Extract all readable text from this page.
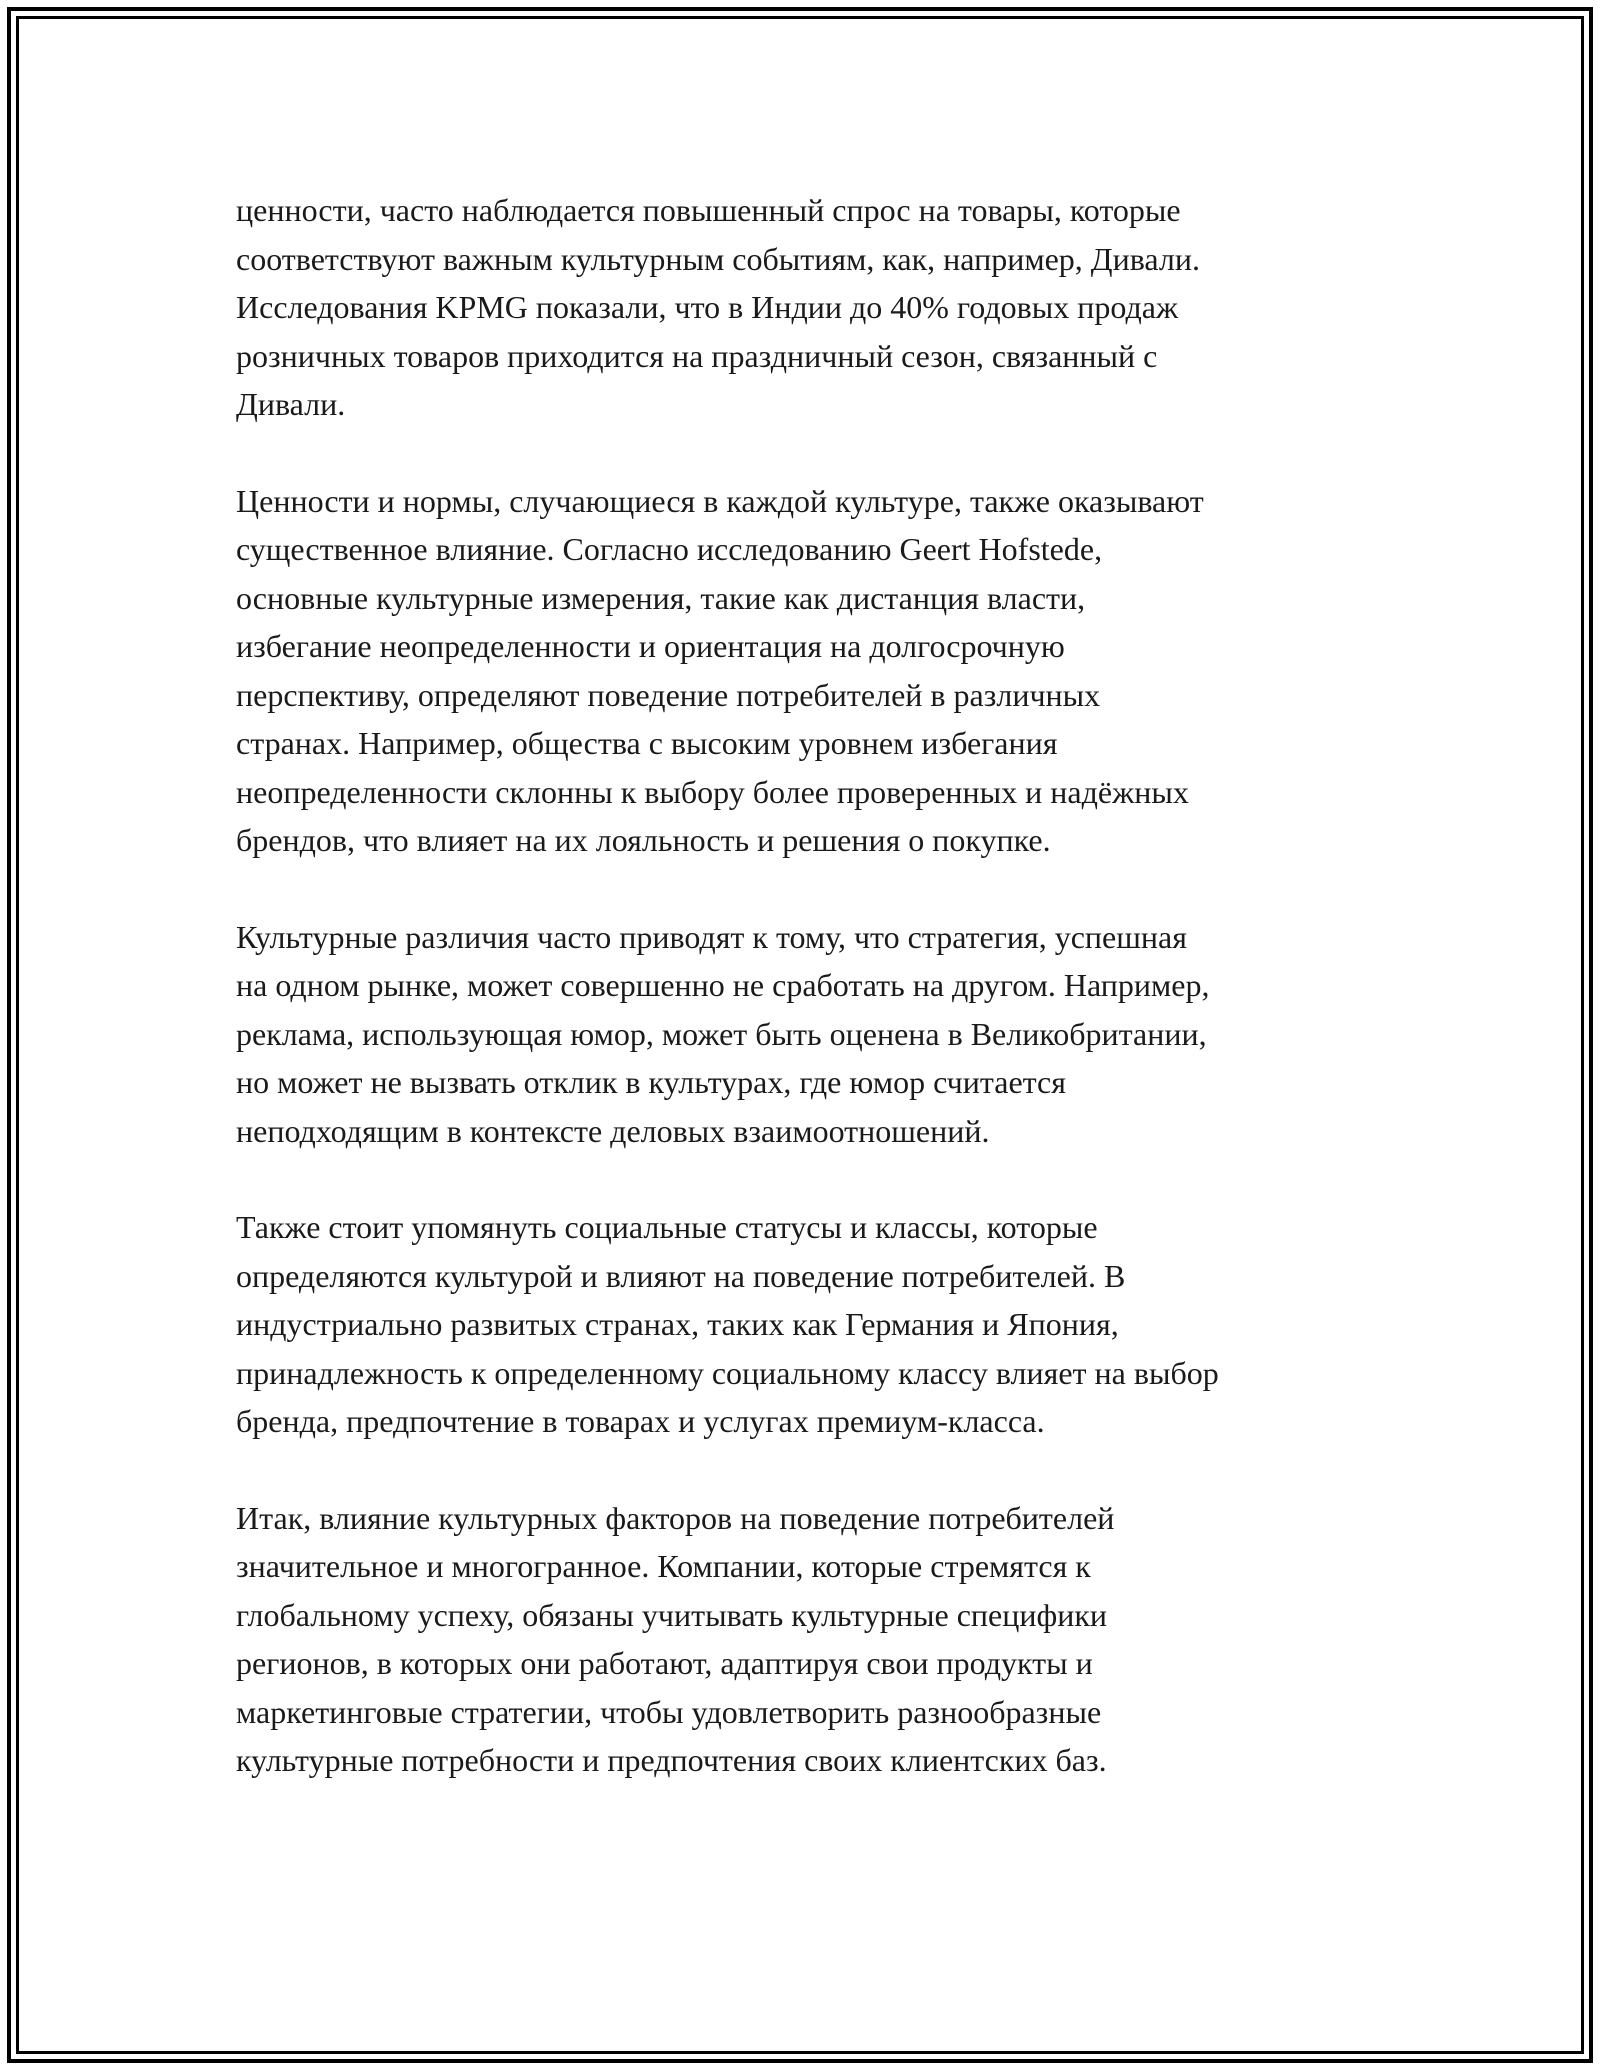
ценности, часто наблюдается повышенный спрос на товары, которые
соответствуют важным культурным событиям, как, например, Дивали.
Исследования KPMG показали, что в Индии до 40% годовых продаж
розничных товаров приходится на праздничный сезон, связанный с
Дивали.

Ценности и нормы, случающиеся в каждой культуре, также оказывают
существенное влияние. Согласно исследованию Geert Hofstede,
основные культурные измерения, такие как дистанция власти,
избегание неопределенности и ориентация на долгосрочную
перспективу, определяют поведение потребителей в различных
странах. Например, общества с высоким уровнем избегания
неопределенности склонны к выбору более проверенных и надёжных
брендов, что влияет на их лояльность и решения о покупке.

Культурные различия часто приводят к тому, что стратегия, успешная
на одном рынке, может совершенно не сработать на другом. Например,
реклама, использующая юмор, может быть оценена в Великобритании,
но может не вызвать отклик в культурах, где юмор считается
неподходящим в контексте деловых взаимоотношений.

Также стоит упомянуть социальные статусы и классы, которые
определяются культурой и влияют на поведение потребителей. В
индустриально развитых странах, таких как Германия и Япония,
принадлежность к определенному социальному классу влияет на выбор
бренда, предпочтение в товарах и услугах премиум-класса.

Итак, влияние культурных факторов на поведение потребителей
значительное и многогранное. Компании, которые стремятся к
глобальному успеху, обязаны учитывать культурные специфики
регионов, в которых они работают, адаптируя свои продукты и
маркетинговые стратегии, чтобы удовлетворить разнообразные
культурные потребности и предпочтения своих клиентских баз.
